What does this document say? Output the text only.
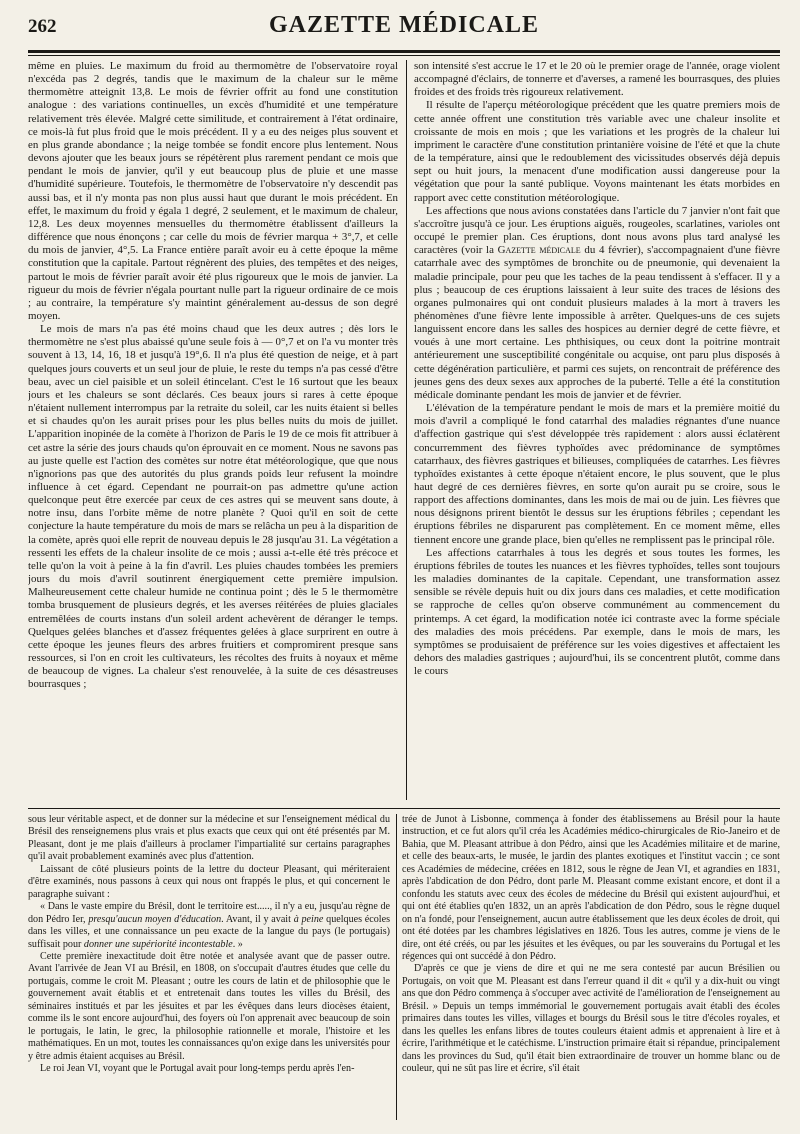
262	GAZETTE MÉDICALE

même en pluies. Le maximum du froid au thermomètre de l'observatoire royal n'excéda pas 2 degrés, tandis que le maximum de la chaleur sur le même thermomètre atteignit 13,8. Le mois de février offrit au fond une constitution analogue : des variations continuelles, un excès d'humidité et une température relativement très élevée. Malgré cette similitude, et contrairement à l'état ordinaire, ce mois-là fut plus froid que le mois précédent. Il y a eu des neiges plus souvent et en plus grande abondance ; la neige tombée se fondit encore plus lentement. Nous devons ajouter que les beaux jours se répétèrent plus rarement pendant ce mois que pendant le mois de janvier, qu'il y eut beaucoup plus de pluie et une masse d'humidité supérieure. Toutefois, le thermomètre de l'observatoire n'y descendit pas aussi bas, et il n'y monta pas non plus aussi haut que durant le mois précédent. En effet, le maximum du froid y égala 1 degré, 2 seulement, et le maximum de chaleur, 12,8. Les deux moyennes mensuelles du thermomètre établissent d'ailleurs la différence que nous énonçons ; car celle du mois de février marqua + 3°,7, et celle du mois de janvier, 4°,5. La France entière paraît avoir eu à cette époque la même constitution que la capitale. Partout régnèrent des pluies, des tempêtes et des neiges, partout le mois de février paraît avoir été plus rigoureux que le mois de janvier. La rigueur du mois de février n'égala pourtant nulle part la rigueur ordinaire de ce mois ; au contraire, la température s'y maintint généralement au-dessus de son degré moyen.

Le mois de mars n'a pas été moins chaud que les deux autres ; dès lors le thermomètre ne s'est plus abaissé qu'une seule fois à — 0°,7 et on l'a vu monter très souvent à 13, 14, 16, 18 et jusqu'à 19°,6. Il n'a plus été question de neige, et à part quelques jours couverts et un seul jour de pluie, le reste du temps n'a pas cessé d'être beau, avec un ciel paisible et un soleil étincelant. C'est le 16 surtout que les beaux jours et les chaleurs se sont déclarés. Ces beaux jours si rares à cette époque n'étaient nullement interrompus par la retraite du soleil, car les nuits étaient si belles et si chaudes qu'on les aurait prises pour les plus belles nuits du mois de juillet. L'apparition inopinée de la comète à l'horizon de Paris le 19 de ce mois fit attribuer à cet astre la série des jours chauds qu'on éprouvait en ce moment. Nous ne savons pas au juste quelle est l'action des comètes sur notre état météorologique, que que nous n'ignorions pas que des autorités du plus grands poids leur refusent la moindre influence à cet égard. Cependant ne pourrait-on pas admettre qu'une action quelconque peut être exercée par ceux de ces astres qui se meuvent sans doute, à notre insu, dans l'orbite même de notre planète ? Quoi qu'il en soit de cette conjecture la haute température du mois de mars se relâcha un peu à la disparition de la comète, après quoi elle reprit de nouveau depuis le 28 jusqu'au 31. La végétation a ressenti les effets de la chaleur insolite de ce mois ; aussi a-t-elle été très précoce et telle qu'on la voit à peine à la fin d'avril. Les pluies chaudes tombées les premiers jours du mois d'avril soutinrent énergiquement cette première impulsion. Malheureusement cette chaleur humide ne continua point ; dès le 5 le thermomètre tomba brusquement de plusieurs degrés, et les averses réitérées de pluies glaciales entremêlées de courts instans d'un soleil ardent achevèrent de déranger le temps. Quelques gelées blanches et d'assez fréquentes gelées à glace surprirent en outre à cette époque les jeunes fleurs des arbres fruitiers et compromirent presque sans ressources, si l'on en croit les cultivateurs, les récoltes des fruits à noyaux et même de beaucoup de vignes. La chaleur s'est renouvelée, à la suite de ces désastreuses bourrasques ;

son intensité s'est accrue le 17 et le 20 où le premier orage de l'année, orage violent accompagné d'éclairs, de tonnerre et d'averses, a ramené les bourrasques, des pluies froides et des froids très rigoureux relativement.

Il résulte de l'aperçu météorologique précédent que les quatre premiers mois de cette année offrent une constitution très variable avec une chaleur insolite et croissante de mois en mois ; que les variations et les progrès de la chaleur lui impriment le caractère d'une constitution printanière voisine de l'été et que la chute de la température, ainsi que le redoublement des vicissitudes observés déjà depuis sept ou huit jours, la menacent d'une modification aussi dangereuse pour la végétation que pour la santé publique. Voyons maintenant les états morbides en rapport avec cette constitution météorologique.

Les affections que nous avions constatées dans l'article du 7 janvier n'ont fait que s'accroître jusqu'à ce jour. Les éruptions aiguës, rougeoles, scarlatines, varioles ont occupé le premier plan. Ces éruptions, dont nous avons plus tard analysé les caractères (voir la Gazette médicale du 4 février), s'accompagnaient d'une fièvre catarrhale avec des symptômes de bronchite ou de pneumonie, qui devenaient la maladie principale, pour peu que les taches de la peau tendissent à s'effacer. Il y a plus ; beaucoup de ces éruptions laissaient à leur suite des traces de lésions des organes pulmonaires qui ont conduit plusieurs malades à la mort à travers les phénomènes d'une fièvre lente impossible à arrêter. Quelques-uns de ces sujets languissent encore dans les salles des hospices au dernier degré de cette fièvre, et voués à une mort certaine. Les phthisiques, ou ceux dont la poitrine montrait antérieurement une susceptibilité congénitale ou acquise, ont paru plus disposés à cette dégénération particulière, et parmi ces sujets, on rencontrait de préférence des jeunes gens des deux sexes aux approches de la puberté. Telle a été la constitution médicale dominante pendant les mois de janvier et de février.

L'élévation de la température pendant le mois de mars et la première moitié du mois d'avril a compliqué le fond catarrhal des maladies régnantes d'une nuance d'affection gastrique qui s'est développée très rapidement : alors aussi éclatèrent concurremment des fièvres typhoïdes avec prédominance de symptômes catarrhaux, des fièvres gastriques et bilieuses, compliquées de catarrhes. Les fièvres typhoïdes existantes à cette époque n'étaient encore, le plus souvent, que le plus haut degré de ces dernières fièvres, en sorte qu'on aurait pu se croire, sous le rapport des affections dominantes, dans les mois de mai ou de juin. Les fièvres que nous désignons prirent bientôt le dessus sur les éruptions fébriles ; cependant les éruptions fébriles ne disparurent pas complètement. En ce moment même, elles tiennent encore une grande place, bien qu'elles ne remplissent pas le principal rôle.

Les affections catarrhales à tous les degrés et sous toutes les formes, les éruptions fébriles de toutes les nuances et les fièvres typhoïdes, telles sont toujours les maladies dominantes de la capitale. Cependant, une transformation assez sensible se révèle depuis huit ou dix jours dans ces maladies, et cette modification se rapproche de celles qu'on observe communément au commencement du printemps. A cet égard, la modification notée ici contraste avec la forme spéciale des maladies des mois précédens. Par exemple, dans le mois de mars, les symptômes se produisaient de préférence sur les voies digestives et affectaient les dehors des maladies gastriques ; aujourd'hui, ils se concentrent plutôt, comme dans le cours

sous leur véritable aspect, et de donner sur la médecine et sur l'enseignement médical du Brésil des renseignemens plus vrais et plus exacts que ceux qui ont été présentés par M. Pleasant, dont je me plais d'ailleurs à proclamer l'impartialité sur certains paragraphes qu'il avait probablement examinés avec plus d'attention.

Laissant de côté plusieurs points de la lettre du docteur Pleasant, qui mériteraient d'être examinés, nous passons à ceux qui nous ont frappés le plus, et qui concernent le paragraphe suivant :

« Dans le vaste empire du Brésil, dont le territoire est....., il n'y a eu, jusqu'au règne de don Pédro Ier, presqu'aucun moyen d'éducation. Avant, il y avait à peine quelques écoles dans les villes, et une connaissance un peu exacte de la langue du pays (le portugais) suffisait pour donner une supériorité incontestable. »

Cette première inexactitude doit être notée et analysée avant que de passer outre. Avant l'arrivée de Jean VI au Brésil, en 1808, on s'occupait d'autres études que celle du portugais, comme le croit M. Pleasant ; outre les cours de latin et de philosophie que le gouvernement avait établis et et entretenait dans toutes les villes du Brésil, des séminaires institués et par les jésuites et par les évêques dans leurs diocèses étaient, comme ils le sont encore aujourd'hui, des foyers où l'on apprenait avec beaucoup de soin le portugais, le latin, le grec, la philosophie rationnelle et morale, l'histoire et les mathématiques. En un mot, toutes les connaissances qu'on exige dans les universités pour y être admis étaient acquises au Brésil.

Le roi Jean VI, voyant que le Portugal avait pour long-temps perdu après l'en-

trée de Junot à Lisbonne, commença à fonder des établissemens au Brésil pour la haute instruction, et ce fut alors qu'il créa les Académies médico-chirurgicales de Rio-Janeiro et de Bahia, que M. Pleasant attribue à don Pédro, ainsi que les Académies militaire et de marine, et celle des beaux-arts, le musée, le jardin des plantes exotiques et l'institut vaccin ; ce sont ces Académies de médecine, créées en 1812, sous le règne de Jean VI, et agrandies en 1831, après l'abdication de don Pédro, dont parle M. Pleasant comme existant encore, et dont il a confondu les statuts avec ceux des écoles de médecine du Brésil qui existent aujourd'hui, et qui ont été établies qu'en 1832, un an après l'abdication de don Pédro, sous le règne duquel on n'a fondé, pour l'enseignement, aucun autre établissement que les deux écoles de droit, qui ont été dotées par les chambres législatives en 1826. Tous les autres, comme je viens de le dire, ont été créés, ou par les jésuites et les évêques, ou par les souverains du Portugal et les régences qui ont succédé à don Pédro.

D'après ce que je viens de dire et qui ne me sera contesté par aucun Brésilien ou Portugais, on voit que M. Pleasant est dans l'erreur quand il dit « qu'il y a dix-huit ou vingt ans que don Pédro commença à s'occuper avec activité de l'amélioration de l'enseignement au Brésil. » Depuis un temps immémorial le gouvernement portugais avait établi des écoles primaires dans toutes les villes, villages et bourgs du Brésil sous le titre d'écoles royales, et dans les quelles les enfans libres de toutes couleurs étaient admis et apprenaient à lire et à écrire, l'arithmétique et le catéchisme. L'instruction primaire était si répandue, principalement dans les provinces du Sud, qu'il était bien extraordinaire de trouver un homme blanc ou de couleur, qui ne sût pas lire et écrire, s'il était
